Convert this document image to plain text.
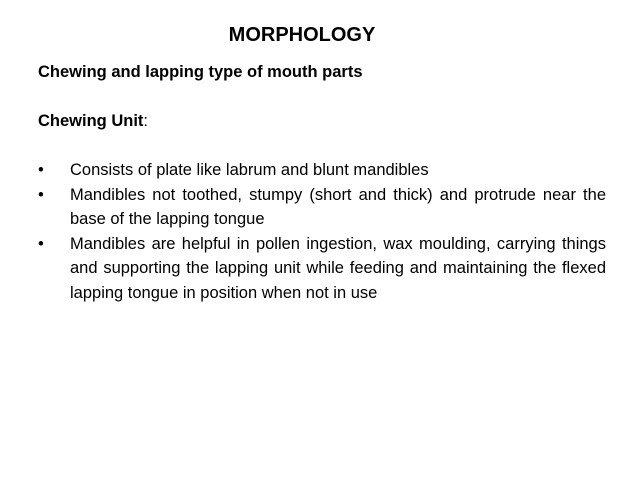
MORPHOLOGY
Chewing and lapping type of mouth parts
Chewing Unit:
•	Consists of plate like labrum and blunt mandibles
•	Mandibles not toothed, stumpy (short and thick) and protrude near the base of the lapping tongue
•	Mandibles are helpful in pollen ingestion, wax moulding, carrying things and supporting the lapping unit while feeding and maintaining the flexed lapping tongue in position when not in use
